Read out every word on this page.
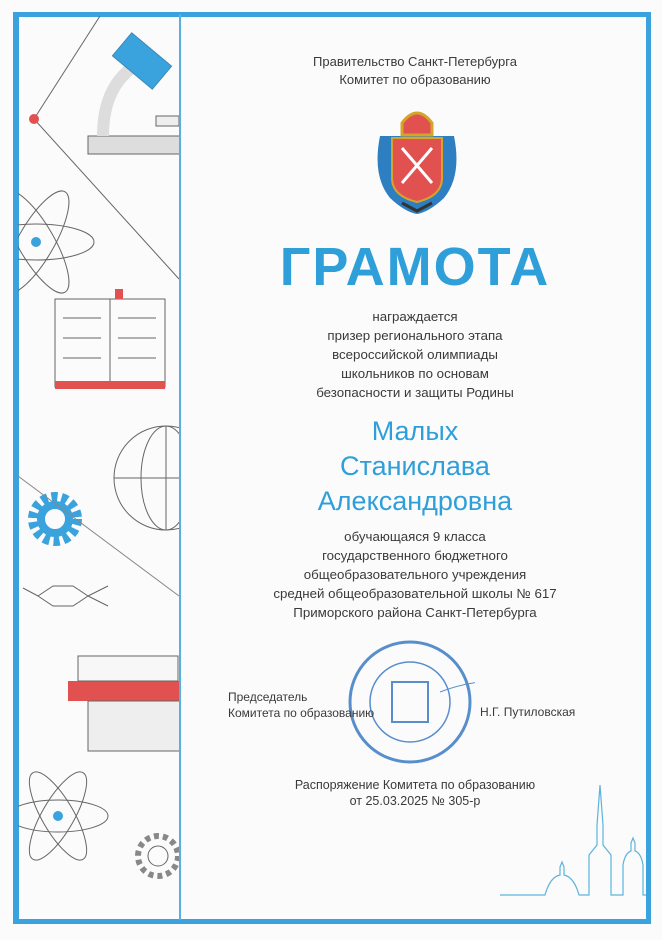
Правительство Санкт-Петербурга
Комитет по образованию
ГРАМОТА
награждается
призер регионального этапа
всероссийской олимпиады
школьников по основам
безопасности и защиты Родины
Малых
Станислава
Александровна
обучающаяся 9 класса
государственного бюджетного
общеобразовательного учреждения
средней общеобразовательной школы № 617
Приморского района Санкт-Петербурга
Председатель
Комитета по образованию	Н.Г. Путиловская
Распоряжение Комитета по образованию
от 25.03.2025 № 305-р
